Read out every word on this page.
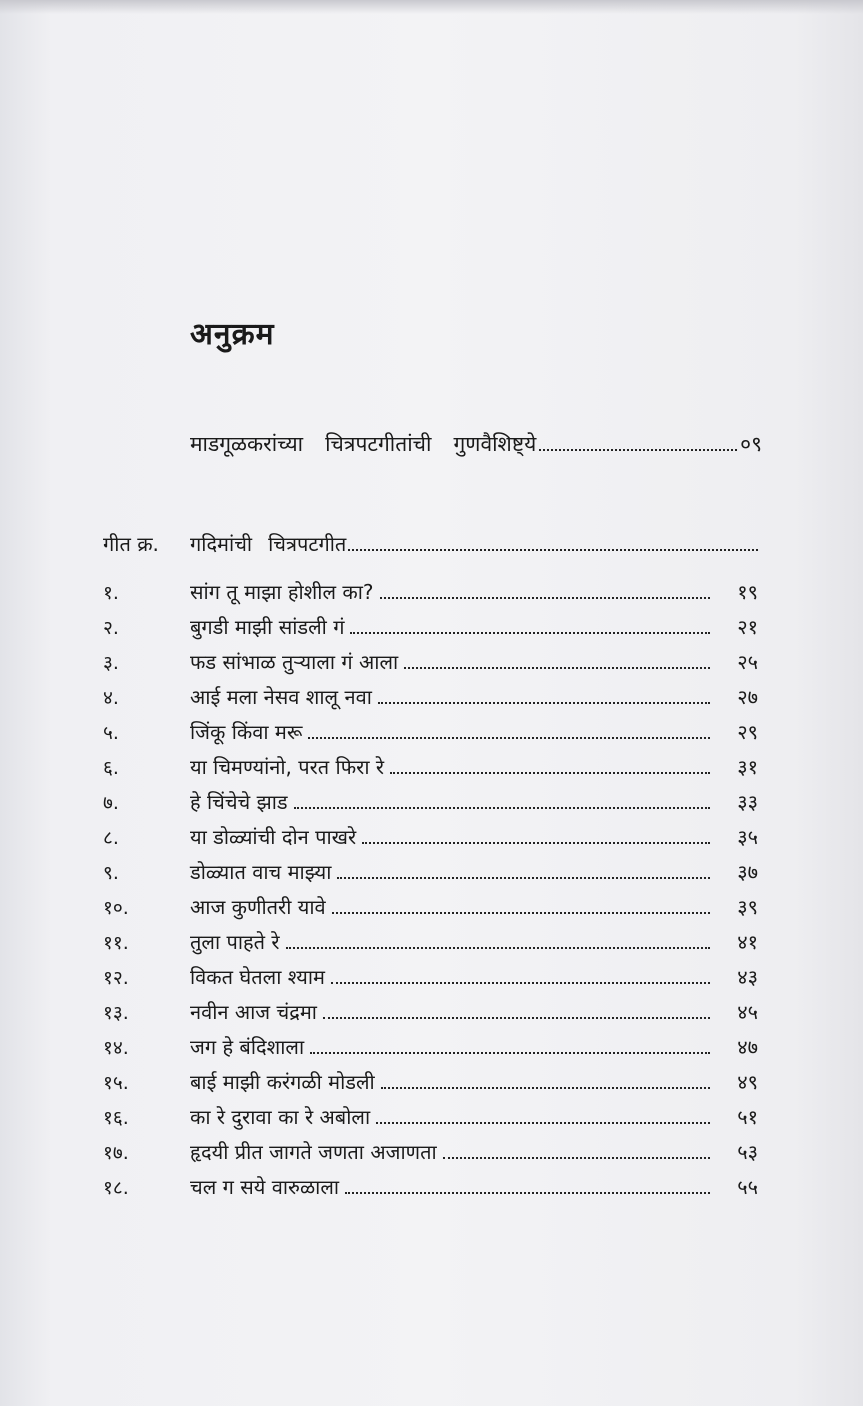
अनुक्रम
माडगूळकरांच्या चित्रपटगीतांची गुणवैशिष्ट्ये	०९
गीत क्र.	गदिमांची चित्रपटगीत
१.	सांग तू माझा होशील का?	१९
२.	बुगडी माझी सांडली गं	२१
३.	फड सांभाळ तुऱ्याला गं आला	२५
४.	आई मला नेसव शालू नवा	२७
५.	जिंकू किंवा मरू	२९
६.	या चिमण्यांनो, परत फिरा रे	३१
७.	हे चिंचेचे झाड	३३
८.	या डोळ्यांची दोन पाखरे	३५
९.	डोळ्यात वाच माझ्या	३७
१०.	आज कुणीतरी यावे	३९
११.	तुला पाहते रे	४१
१२.	विकत घेतला श्याम	४३
१३.	नवीन आज चंद्रमा	४५
१४.	जग हे बंदिशाला	४७
१५.	बाई माझी करंगळी मोडली	४९
१६.	का रे दुरावा का रे अबोला	५१
१७.	हृदयी प्रीत जागते जणता अजाणता	५३
१८.	चल ग सये वारुळाला	५५
